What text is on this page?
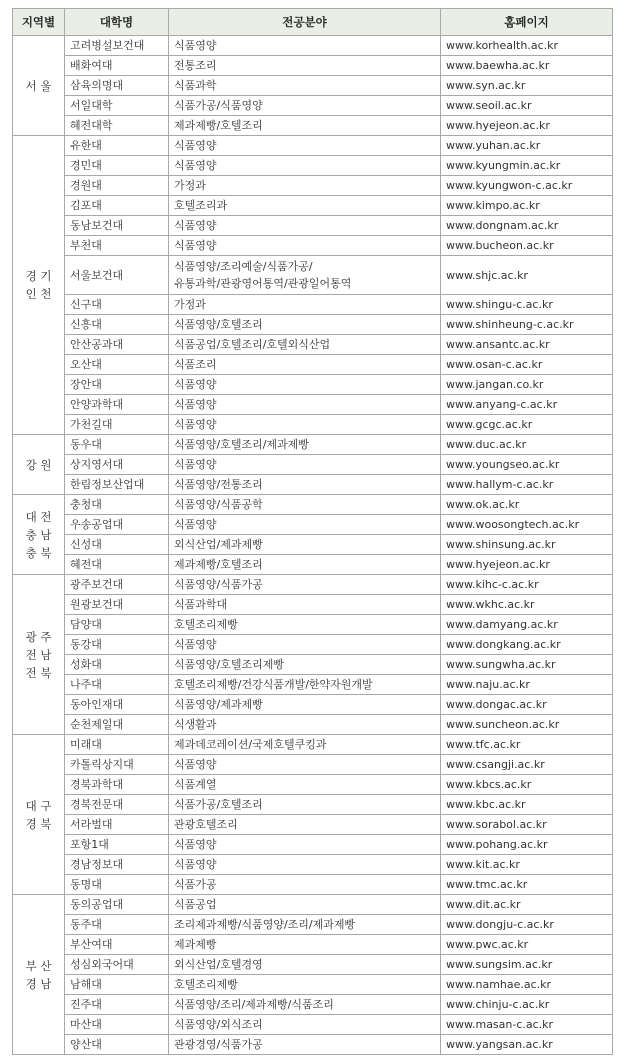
지역별	대학명	전공분야	홈페이지

서 울	고려병설보건대	식품영양	www.korhealth.ac.kr
	배화여대	전통조리	www.baewha.ac.kr
	삼육의명대	식품과학	www.syn.ac.kr
	서일대학	식품가공/식품영양	www.seoil.ac.kr
	혜전대학	제과제빵/호텔조리	www.hyejeon.ac.kr

경 기
인 천	유한대	식품영양	www.yuhan.ac.kr
	경민대	식품영양	www.kyungmin.ac.kr
	경원대	가정과	www.kyungwon-c.ac.kr
	김포대	호텔조리과	www.kimpo.ac.kr
	동남보건대	식품영양	www.dongnam.ac.kr
	부천대	식품영양	www.bucheon.ac.kr
	서울보건대	식품영양/조리예술/식품가공/
유통과학/관광영어통역/관광일어통역	www.shjc.ac.kr
	신구대	가정과	www.shingu-c.ac.kr
	신흥대	식품영양/호텔조리	www.shinheung-c.ac.kr
	안산공과대	식품공업/호텔조리/호텔외식산업	www.ansantc.ac.kr
	오산대	식품조리	www.osan-c.ac.kr
	장안대	식품영양	www.jangan.co.kr
	안양과학대	식품영양	www.anyang-c.ac.kr
	가천길대	식품영양	www.gcgc.ac.kr

강 원	동우대	식품영양/호텔조리/제과제빵	www.duc.ac.kr
	상지영서대	식품영양	www.youngseo.ac.kr
	한림정보산업대	식품영양/전통조리	www.hallym-c.ac.kr

대 전
충 남
충 북	충청대	식품영양/식품공학	www.ok.ac.kr
	우송공업대	식품영양	www.woosongtech.ac.kr
	신성대	외식산업/제과제빵	www.shinsung.ac.kr
	혜전대	제과제빵/호텔조리	www.hyejeon.ac.kr

광 주
전 남
전 북	광주보건대	식품영양/식품가공	www.kihc-c.ac.kr
	원광보건대	식품과학대	www.wkhc.ac.kr
	담양대	호텔조리제빵	www.damyang.ac.kr
	동강대	식품영양	www.dongkang.ac.kr
	성화대	식품영양/호텔조리제빵	www.sungwha.ac.kr
	나주대	호텔조리제빵/건강식품개발/한약자원개발	www.naju.ac.kr
	동아인재대	식품영양/제과제빵	www.dongac.ac.kr
	순천제일대	식생활과	www.suncheon.ac.kr

대 구
경 북	미래대	제과데코레이션/국제호텔쿠킹과	www.tfc.ac.kr
	카톨릭상지대	식품영양	www.csangji.ac.kr
	경북과학대	식품계열	www.kbcs.ac.kr
	경북전문대	식품가공/호텔조리	www.kbc.ac.kr
	서라벌대	관광호텔조리	www.sorabol.ac.kr
	포항1대	식품영양	www.pohang.ac.kr
	경남정보대	식품영양	www.kit.ac.kr
	동명대	식품가공	www.tmc.ac.kr

부 산
경 남	동의공업대	식품공업	www.dit.ac.kr
	동주대	조리제과제빵/식품영양/조리/제과제빵	www.dongju-c.ac.kr
	부산여대	제과제빵	www.pwc.ac.kr
	성심외국어대	외식산업/호텔경영	www.sungsim.ac.kr
	남해대	호텔조리제빵	www.namhae.ac.kr
	진주대	식품영양/조리/제과제빵/식품조리	www.chinju-c.ac.kr
	마산대	식품영양/외식조리	www.masan-c.ac.kr
	양산대	관광경영/식품가공	www.yangsan.ac.kr
